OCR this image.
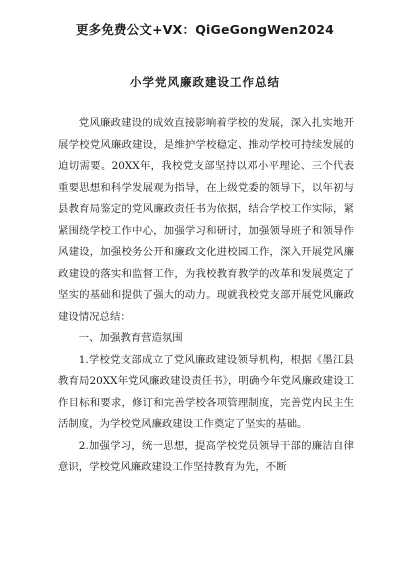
更多免费公文+VX：QiGeGongWen2024
小学党风廉政建设工作总结

党风廉政建设的成效直接影响着学校的发展，深入扎实地开展学校党风廉政建设，是维护学校稳定、推动学校可持续发展的迫切需要。20XX年，我校党支部坚持以邓小平理论、三个代表重要思想和科学发展观为指导，在上级党委的领导下，以年初与县教育局鉴定的党风廉政责任书为依据，结合学校工作实际，紧紧围绕学校工作中心，加强学习和研讨，加强领导班子和领导作风建设，加强校务公开和廉政文化进校园工作，深入开展党风廉政建设的落实和监督工作，为我校教育教学的改革和发展奠定了坚实的基础和提供了强大的动力。现就我校党支部开展党风廉政建设情况总结：

一、加强教育营造氛围

1.学校党支部成立了党风廉政建设领导机构，根据《墨江县教育局20XX年党风廉政建设责任书》，明确今年党风廉政建设工作目标和要求，修订和完善学校各项管理制度，完善党内民主生活制度，为学校党风廉政建设工作奠定了坚实的基础。

2.加强学习，统一思想，提高学校党员领导干部的廉洁自律意识，学校党风廉政建设工作坚持教育为先，不断
